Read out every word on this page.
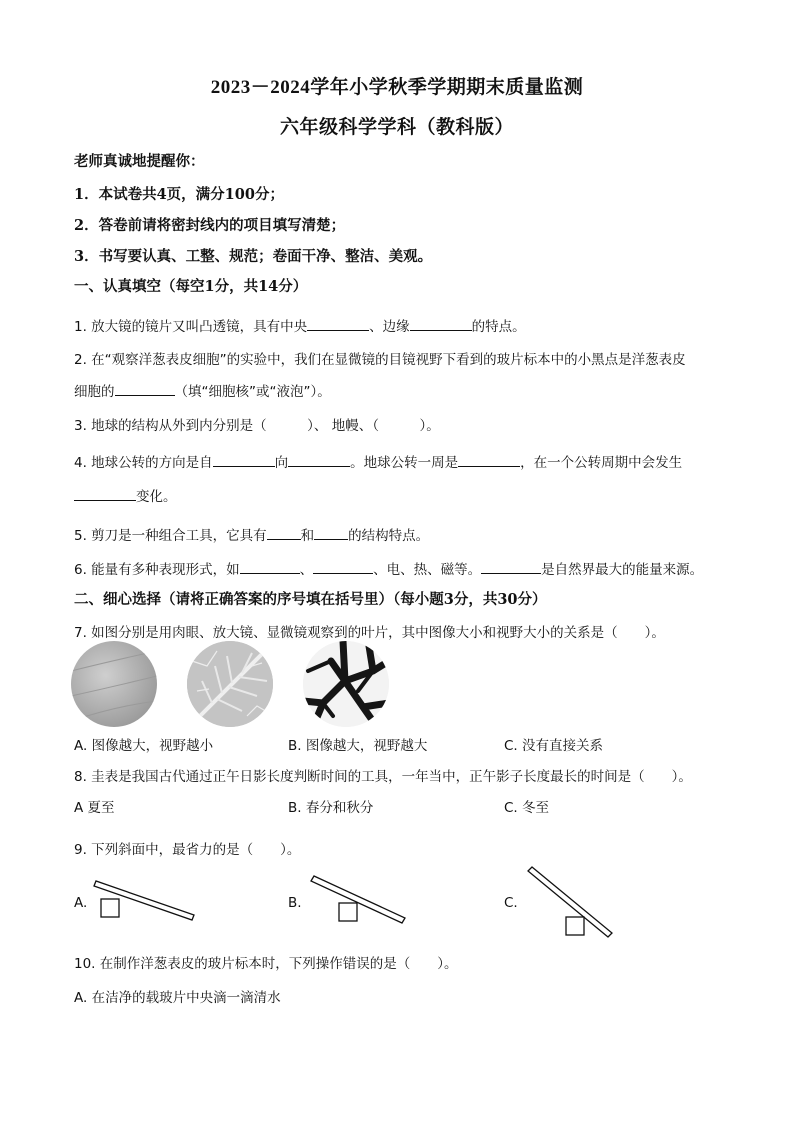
2023－2024学年小学秋季学期期末质量监测
六年级科学学科（教科版）
老师真诚地提醒你：
1．本试卷共4页，满分100分；
2．答卷前请将密封线内的项目填写清楚；
3．书写要认真、工整、规范；卷面干净、整洁、美观。
一、认真填空（每空1分，共14分）
1. 放大镜的镜片又叫凸透镜，具有中央	、边缘	的特点。
2. 在“观察洋葱表皮细胞”的实验中，我们在显微镜的目镜视野下看到的玻片标本中的小黑点是洋葱表皮
细胞的	（填“细胞核”或“液泡”）。
3. 地球的结构从外到内分别是（　　　）、 地幔、（　　　）。
4. 地球公转的方向是自	向	。地球公转一周是	，在一个公转周期中会发生
变化。
5. 剪刀是一种组合工具，它具有	和	的结构特点。
6. 能量有多种表现形式，如	、	、电、热、磁等。	是自然界最大的能量来源。
二、细心选择（请将正确答案的序号填在括号里）（每小题3分，共30分）
7. 如图分别是用肉眼、放大镜、显微镜观察到的叶片，其中图像大小和视野大小的关系是（　　）。
A. 图像越大，视野越小	B. 图像越大，视野越大	C. 没有直接关系
8. 圭表是我国古代通过正午日影长度判断时间的工具，一年当中，正午影子长度最长的时间是（　　）。
A 夏至	B. 春分和秋分	C. 冬至
9. 下列斜面中，最省力的是（　　）。
A.	B.	C.
10. 在制作洋葱表皮的玻片标本时，下列操作错误的是（　　）。
A. 在洁净的载玻片中央滴一滴清水
